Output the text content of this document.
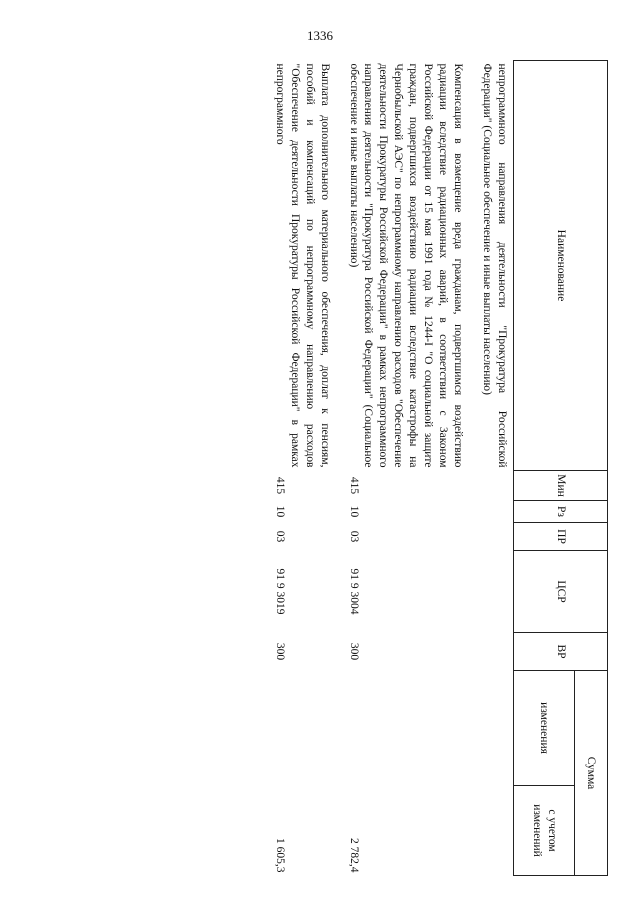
1336
Наименование	Мин	Рз	ПР	ЦСР	ВР	Сумма	
						изменения	с учетом изменений
непрограммного направления деятельности "Прокуратура Российской Федерации" (Социальное обеспечение и иные выплаты населению)							
Компенсация в возмещение вреда гражданам, подвергшимся воздействию радиации вследствие радиационных аварий, в соответствии с Законом Российской Федерации от 15 мая 1991 года № 1244-I "О социальной защите граждан, подвергшихся воздействию радиации вследствие катастрофы на Чернобыльской АЭС" по непрограммному направлению расходов "Обеспечение деятельности Прокуратуры Российской Федерации" в рамках непрограммного направления деятельности "Прокуратура Российской Федерации" (Социальное обеспечение и иные выплаты населению)	415	10	03	91 9 3004	300		2 782,4
Выплата дополнительного материального обеспечения, доплат к пенсиям, пособий и компенсаций по непрограммному направлению расходов "Обеспечение деятельности Прокуратуры Российской Федерации" в рамках непрограммного	415	10	03	91 9 3019	300		1 605,3
